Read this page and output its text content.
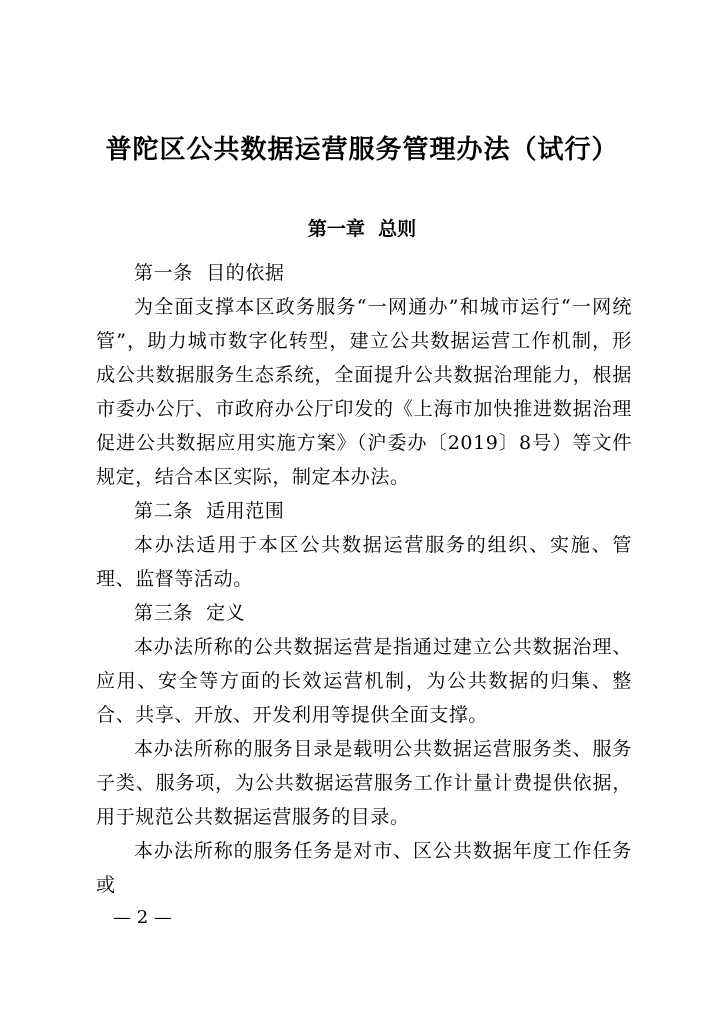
普陀区公共数据运营服务管理办法（试行）
第一章  总则

第一条  目的依据

为全面支撑本区政务服务“一网通办”和城市运行“一网统管”，助力城市数字化转型，建立公共数据运营工作机制，形成公共数据服务生态系统，全面提升公共数据治理能力，根据市委办公厅、市政府办公厅印发的《上海市加快推进数据治理 促进公共数据应用实施方案》（沪委办〔2019〕8号）等文件规定，结合本区实际，制定本办法。

第二条  适用范围

本办法适用于本区公共数据运营服务的组织、实施、管理、监督等活动。

第三条  定义

本办法所称的公共数据运营是指通过建立公共数据治理、应用、安全等方面的长效运营机制，为公共数据的归集、整合、共享、开放、开发利用等提供全面支撑。

本办法所称的服务目录是载明公共数据运营服务类、服务子类、服务项，为公共数据运营服务工作计量计费提供依据，用于规范公共数据运营服务的目录。

本办法所称的服务任务是对市、区公共数据年度工作任务或

— 2 —
